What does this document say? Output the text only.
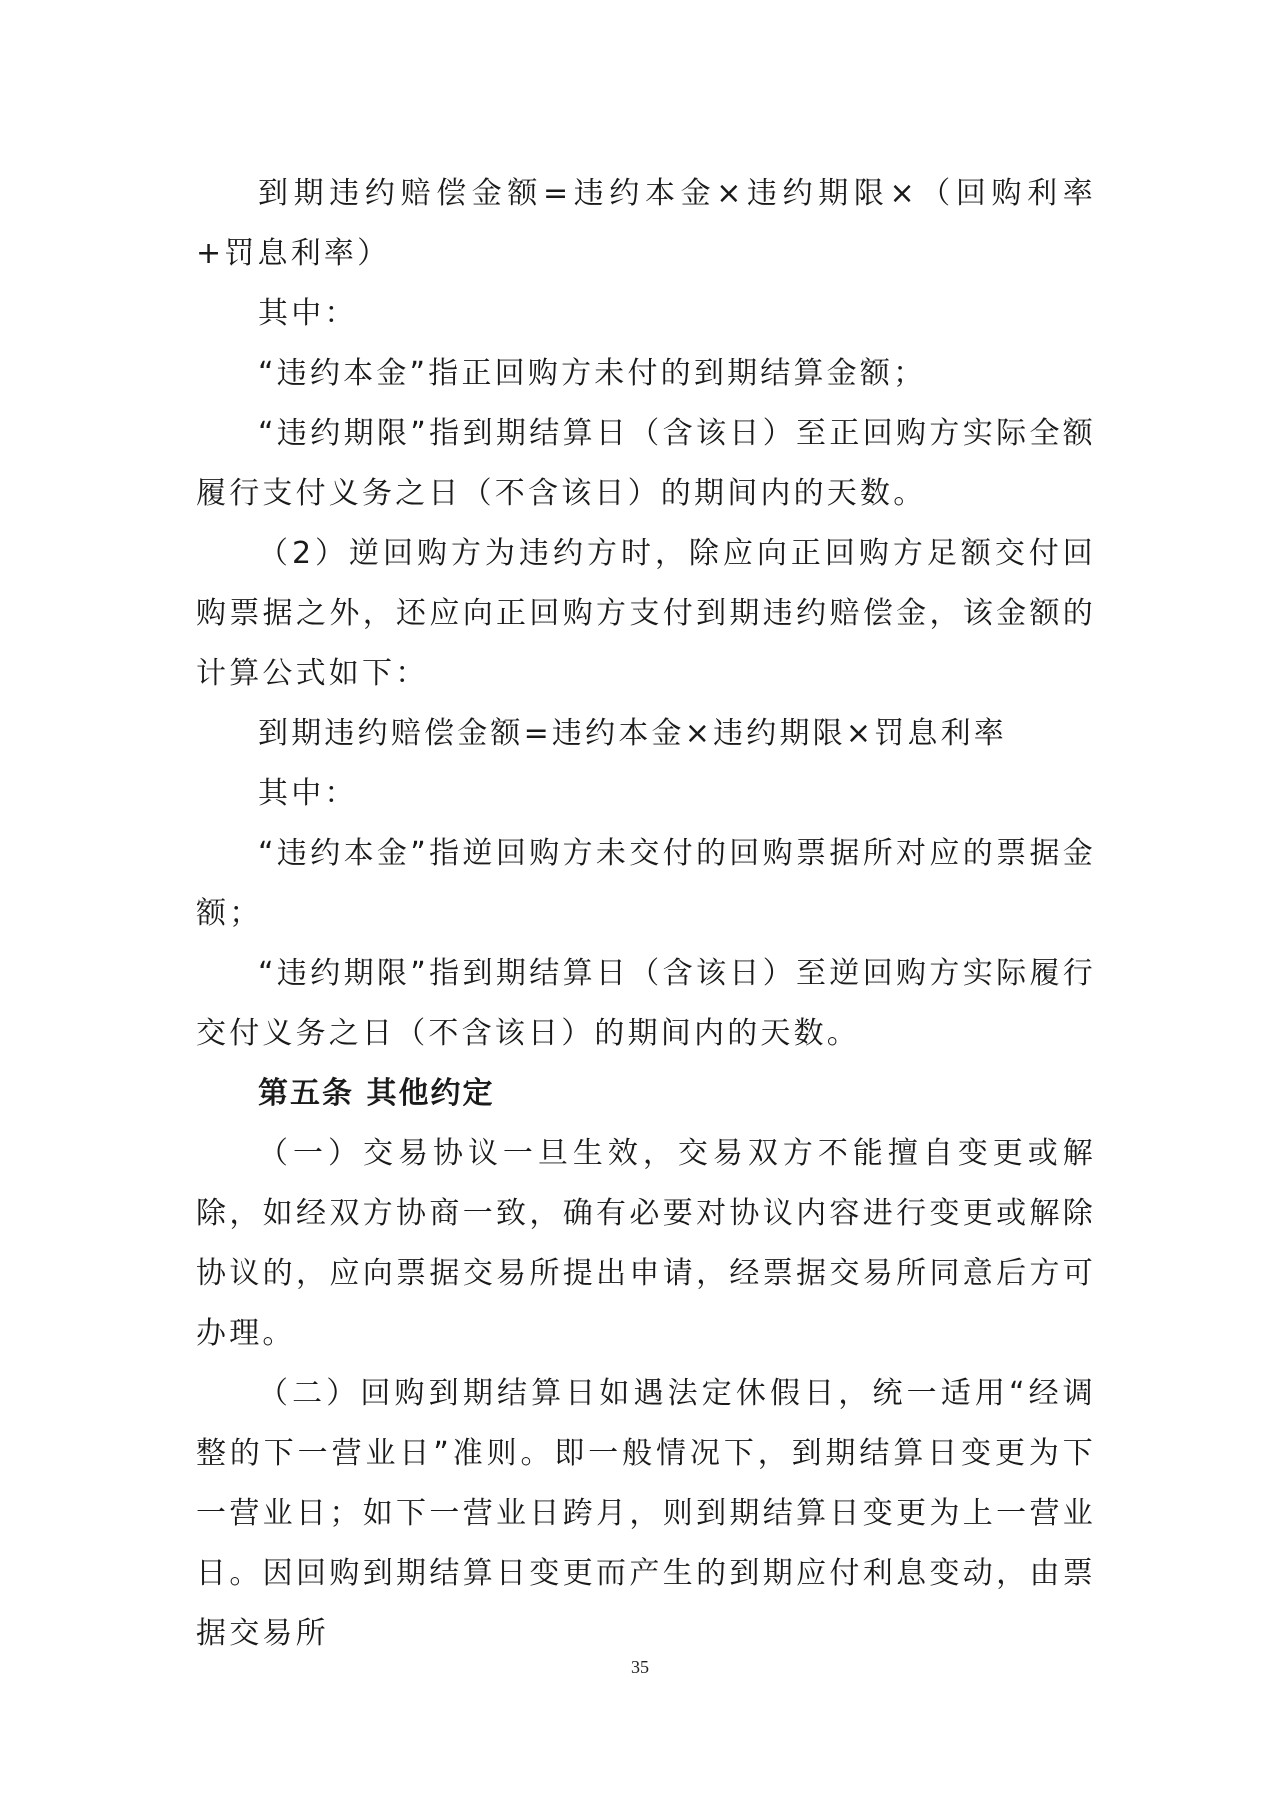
到期违约赔偿金额=违约本金×违约期限×（回购利率+罚息利率）

其中：

“违约本金”指正回购方未付的到期结算金额；

“违约期限”指到期结算日（含该日）至正回购方实际全额履行支付义务之日（不含该日）的期间内的天数。

（2）逆回购方为违约方时，除应向正回购方足额交付回购票据之外，还应向正回购方支付到期违约赔偿金，该金额的计算公式如下：

到期违约赔偿金额=违约本金×违约期限×罚息利率

其中：

“违约本金”指逆回购方未交付的回购票据所对应的票据金额；

“违约期限”指到期结算日（含该日）至逆回购方实际履行交付义务之日（不含该日）的期间内的天数。

第五条 其他约定

（一）交易协议一旦生效，交易双方不能擅自变更或解除，如经双方协商一致，确有必要对协议内容进行变更或解除协议的，应向票据交易所提出申请，经票据交易所同意后方可办理。

（二）回购到期结算日如遇法定休假日，统一适用“经调整的下一营业日”准则。即一般情况下，到期结算日变更为下一营业日；如下一营业日跨月，则到期结算日变更为上一营业日。因回购到期结算日变更而产生的到期应付利息变动，由票据交易所

35
